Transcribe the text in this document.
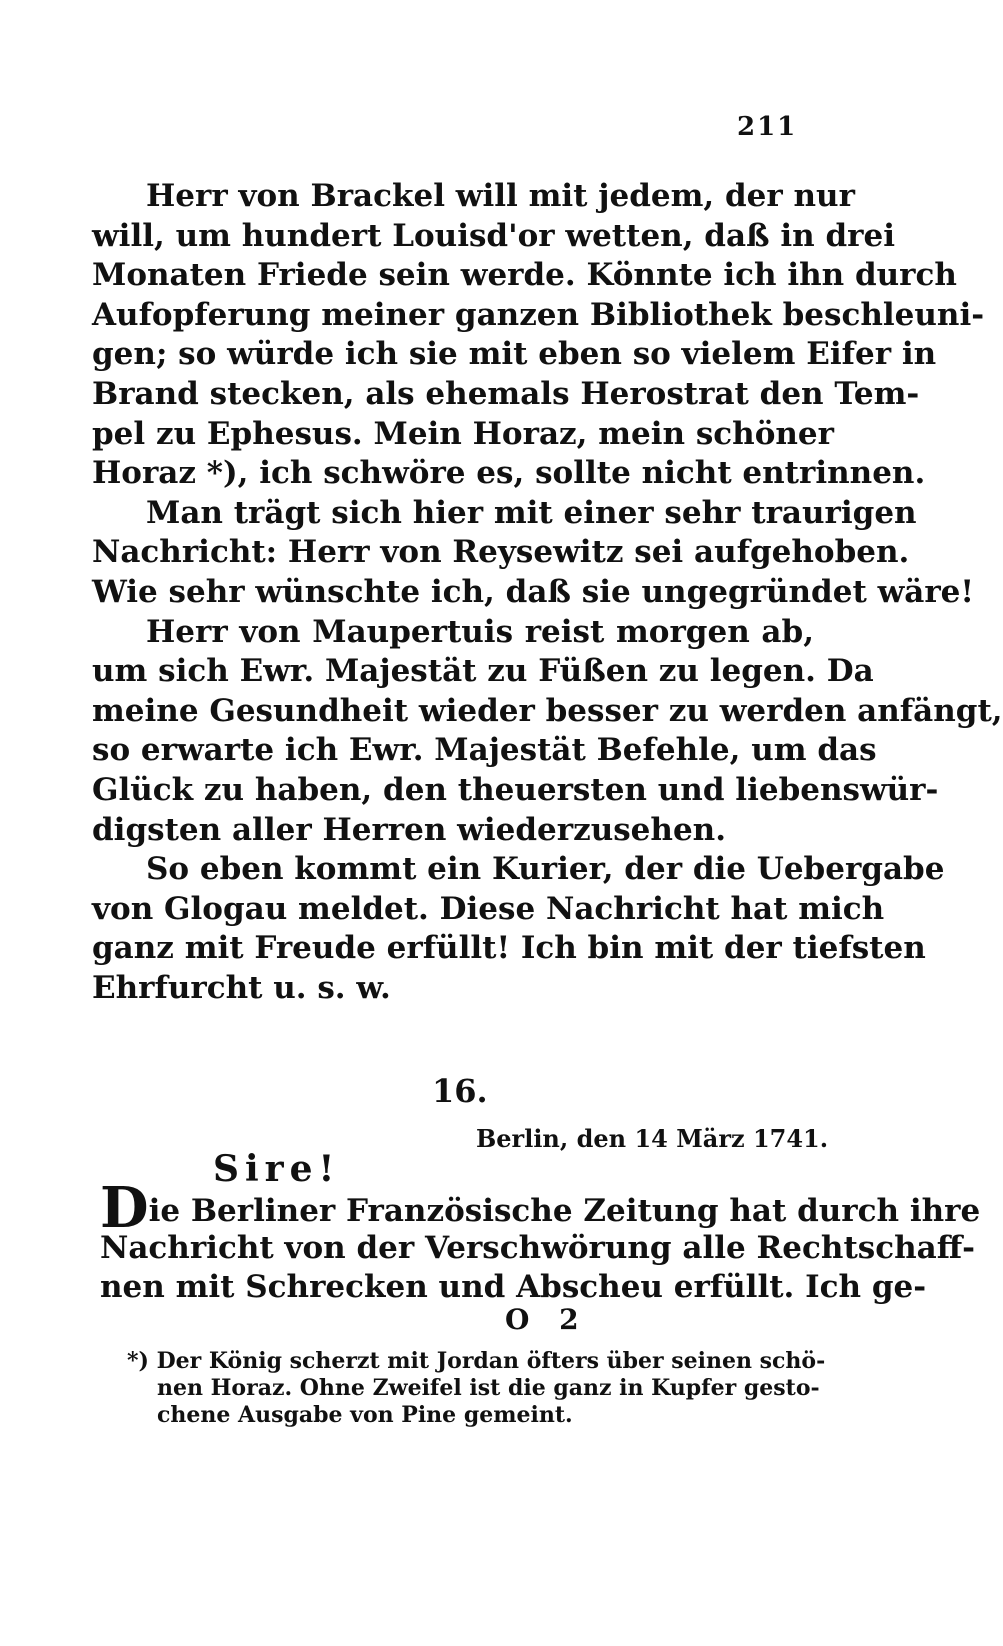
211
Herr von Brackel will mit jedem, der nur
will, um hundert Louisd'or wetten, daß in drei
Monaten Friede sein werde. Könnte ich ihn durch
Aufopferung meiner ganzen Bibliothek beschleuni-
gen; so würde ich sie mit eben so vielem Eifer in
Brand stecken, als ehemals Herostrat den Tem-
pel zu Ephesus. Mein Horaz, mein schöner
Horaz *), ich schwöre es, sollte nicht entrinnen.
Man trägt sich hier mit einer sehr traurigen
Nachricht: Herr von Reysewitz sei aufgehoben.
Wie sehr wünschte ich, daß sie ungegründet wäre!
Herr von Maupertuis reist morgen ab,
um sich Ewr. Majestät zu Füßen zu legen. Da
meine Gesundheit wieder besser zu werden anfängt,
so erwarte ich Ewr. Majestät Befehle, um das
Glück zu haben, den theuersten und liebenswür-
digsten aller Herren wiederzusehen.
So eben kommt ein Kurier, der die Uebergabe
von Glogau meldet. Diese Nachricht hat mich
ganz mit Freude erfüllt! Ich bin mit der tiefsten
Ehrfurcht u. s. w.
16.
Berlin, den 14 März 1741.
Sire!
Die Berliner Französische Zeitung hat durch ihre
Nachricht von der Verschwörung alle Rechtschaff-
nen mit Schrecken und Abscheu erfüllt. Ich ge-
O 2
*) Der König scherzt mit Jordan öfters über seinen schö-
nen Horaz. Ohne Zweifel ist die ganz in Kupfer gesto-
chene Ausgabe von Pine gemeint.
